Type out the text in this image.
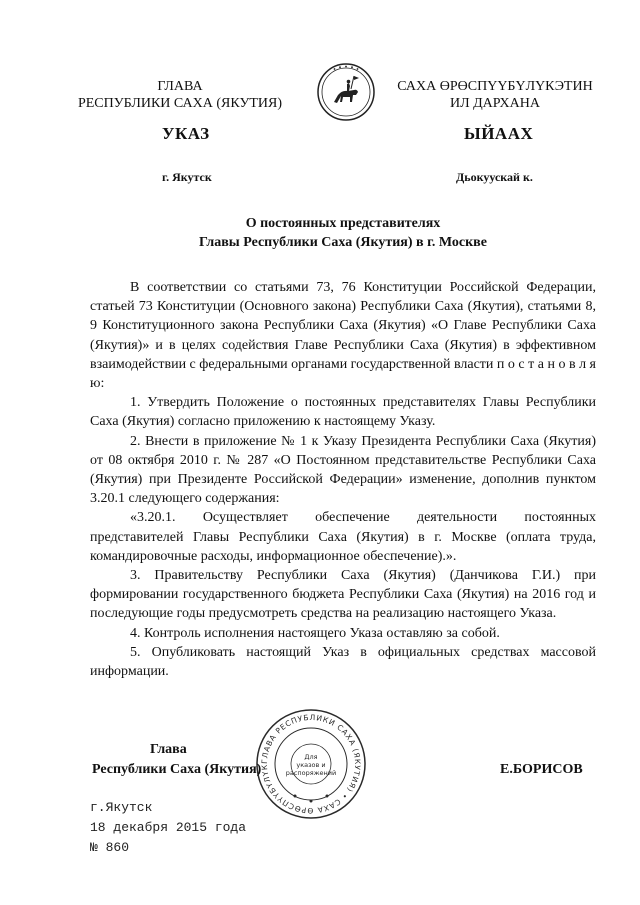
ГЛАВА
РЕСПУБЛИКИ САХА (ЯКУТИЯ)
САХА ӨРӨСПҮҮБҮЛҮКЭТИН
ИЛ ДАРХАНА
УКАЗ	ЫЙААХ
г. Якутск	Дьокуускай к.
О постоянных представителях
Главы Республики Саха (Якутия) в г. Москве

В соответствии со статьями 73, 76 Конституции Российской Федерации, статьей 73 Конституции (Основного закона) Республики Саха (Якутия), статьями 8, 9 Конституционного закона Республики Саха (Якутия) «О Главе Республики Саха (Якутия)» и в целях содействия Главе Республики Саха (Якутия) в эффективном взаимодействии с федеральными органами государственной власти п о с т а н о в л я ю:

1. Утвердить Положение о постоянных представителях Главы Республики Саха (Якутия) согласно приложению к настоящему Указу.

2. Внести в приложение № 1 к Указу Президента Республики Саха (Якутия) от 08 октября 2010 г. № 287 «О Постоянном представительстве Республики Саха (Якутия) при Президенте Российской Федерации» изменение, дополнив пунктом 3.20.1 следующего содержания:

«3.20.1. Осуществляет обеспечение деятельности постоянных представителей Главы Республики Саха (Якутия) в г. Москве (оплата труда, командировочные расходы, информационное обеспечение).».

3. Правительству Республики Саха (Якутия) (Данчикова Г.И.) при формировании государственного бюджета Республики Саха (Якутия) на 2016 год и последующие годы предусмотреть средства на реализацию настоящего Указа.

4. Контроль исполнения настоящего Указа оставляю за собой.

5. Опубликовать настоящий Указ в официальных средствах массовой информации.

ГЛАВА РЕСПУБЛИКИ САХА (ЯКУТИЯ) • САХА ӨРӨСПҮҮБҮЛҮК
Для
указов и
распоряжений
Глава
Республики Саха (Якутия)	Е.БОРИСОВ
г.Якутск
18 декабря 2015 года
№ 860
